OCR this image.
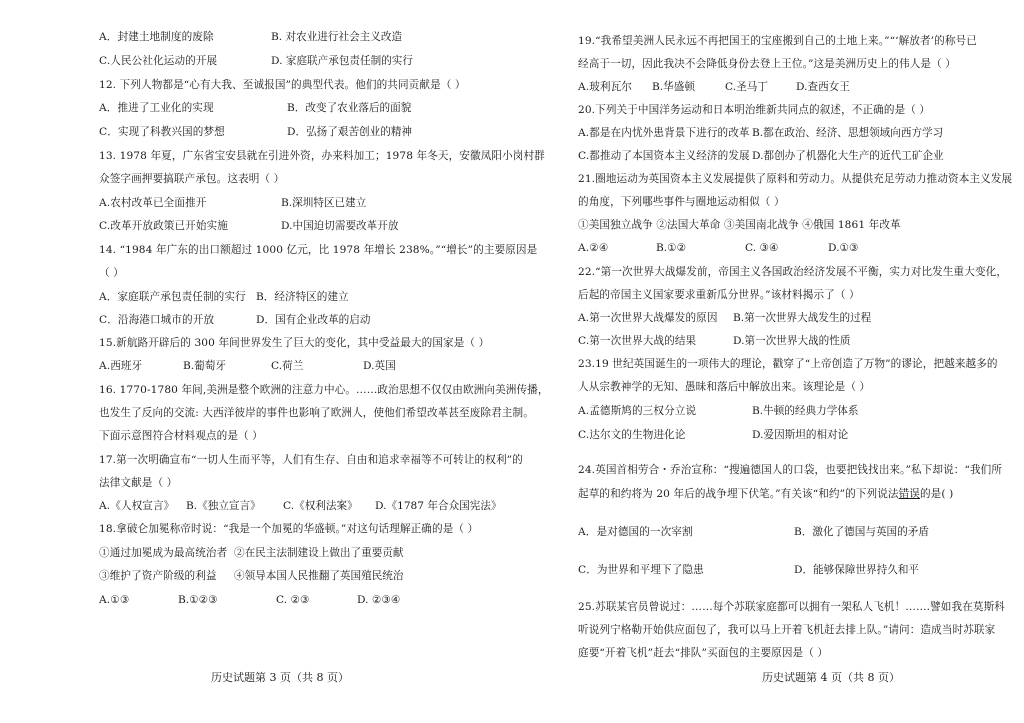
A．封建土地制度的废除	B. 对农业进行社会主义改造
C.人民公社化运动的开展	D. 家庭联产承包责任制的实行
12. 下列人物都是“心有大我、至诚报国”的典型代表。他们的共同贡献是（ ）
A．推进了工业化的实现	B．改变了农业落后的面貌
C．实现了科教兴国的梦想	D．弘扬了艰苦创业的精神
13. 1978 年夏，广东省宝安县就在引进外资，办来料加工；1978 年冬天，安徽凤阳小岗村群
众签字画押要搞联产承包。这表明（ ）
A.农村改革已全面推开	B.深圳特区已建立
C.改革开放政策已开始实施	D.中国迫切需要改革开放
14. “1984 年广东的出口额超过 1000 亿元，比 1978 年增长 238%。”“增长”的主要原因是
（ ）
A．家庭联产承包责任制的实行 B．经济特区的建立
C．沿海港口城市的开放	D．国有企业改革的启动
15.新航路开辟后的 300 年间世界发生了巨大的变化，其中受益最大的国家是（ ）
A.西班牙	B.葡萄牙	C.荷兰	D.英国
16. 1770-1780 年间,美洲是整个欧洲的注意力中心。……政治思想不仅仅由欧洲向美洲传播，
也发生了反向的交流: 大西洋彼岸的事件也影响了欧洲人，使他们希望改革甚至废除君主制。
下面示意图符合材料观点的是（ ）
17.第一次明确宣布“一切人生而平等，人们有生存、自由和追求幸福等不可转让的权利”的
法律文献是（ ）
A.《人权宣言》 B.《独立宣言》 C.《权利法案》 D.《1787 年合众国宪法》
18.拿破仑加冕称帝时说：“我是一个加冕的华盛顿。”对这句话理解正确的是（ ）
①通过加冕成为最高统治者 ②在民主法制建设上做出了重要贡献
③维护了资产阶级的利益 ④领导本国人民推翻了英国殖民统治
A.①③	B.①②③	C. ②③	D. ②③④
历史试题第 3 页（共 8 页）
19.“我希望美洲人民永远不再把国王的宝座搬到自己的土地上来。”“‘解放者’的称号已
经高于一切，因此我决不会降低身份去登上王位。”这是美洲历史上的伟人是（ ）
A.玻利瓦尔 B.华盛顿	C.圣马丁	D.查西女王
20.下列关于中国洋务运动和日本明治维新共同点的叙述，不正确的是（ ）
A.都是在内忧外患背景下进行的改革 B.都在政治、经济、思想领域向西方学习
C.都推动了本国资本主义经济的发展 D.都创办了机器化大生产的近代工矿企业
21.圈地运动为英国资本主义发展提供了原料和劳动力。从提供充足劳动力推动资本主义发展
的角度，下列哪些事件与圈地运动相似（ ）
①美国独立战争 ②法国大革命 ③美国南北战争 ④俄国 1861 年改革
A.②④	B.①②	C. ③④	D.①③
22.“第一次世界大战爆发前，帝国主义各国政治经济发展不平衡，实力对比发生重大变化，
后起的帝国主义国家要求重新瓜分世界。”该材料揭示了（ ）
A.第一次世界大战爆发的原因 B.第一次世界大战发生的过程
C.第一次世界大战的结果	D.第一次世界大战的性质
23.19 世纪英国诞生的一项伟大的理论，戳穿了“上帝创造了万物”的谬论，把越来越多的
人从宗教神学的无知、愚昧和落后中解放出来。该理论是（ ）
A.孟德斯鸠的三权分立说	B.牛顿的经典力学体系
C.达尔文的生物进化论	D.爱因斯坦的相对论
24.英国首相劳合・乔治宣称：“搜遍德国人的口袋，也要把钱找出来。”私下却说：“我们所
起草的和约将为 20 年后的战争埋下伏笔。”有关该“和约”的下列说法错误的是( )
A．是对德国的一次宰割	B．激化了德国与英国的矛盾
C．为世界和平埋下了隐患	D．能够保障世界持久和平
25.苏联某官员曾说过：……每个苏联家庭都可以拥有一架私人飞机！…….譬如我在莫斯科
听说列宁格勒开始供应面包了，我可以马上开着飞机赶去排上队。”请问：造成当时苏联家
庭要“开着飞机”赶去“排队”买面包的主要原因是（ ）
历史试题第 4 页（共 8 页）
